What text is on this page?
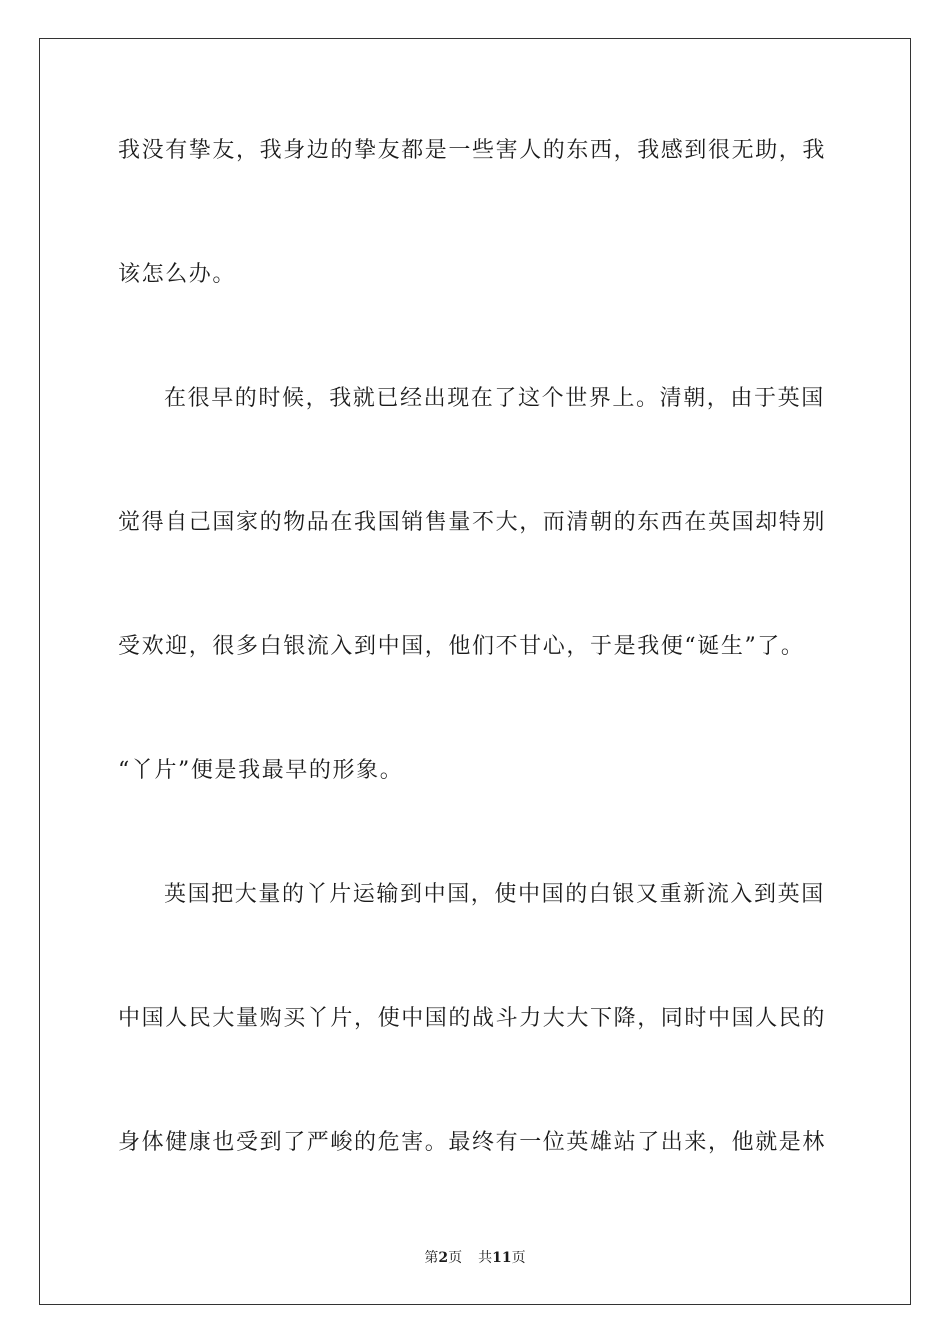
我没有挚友，我身边的挚友都是一些害人的东西，我感到很无助，我
该怎么办。
在很早的时候，我就已经出现在了这个世界上。清朝，由于英国
觉得自己国家的物品在我国销售量不大，而清朝的东西在英国却特别
受欢迎，很多白银流入到中国，他们不甘心，于是我便“诞生”了。
“丫片”便是我最早的形象。
英国把大量的丫片运输到中国，使中国的白银又重新流入到英国
中国人民大量购买丫片，使中国的战斗力大大下降，同时中国人民的
身体健康也受到了严峻的危害。最终有一位英雄站了出来，他就是林
第2页 共11页
